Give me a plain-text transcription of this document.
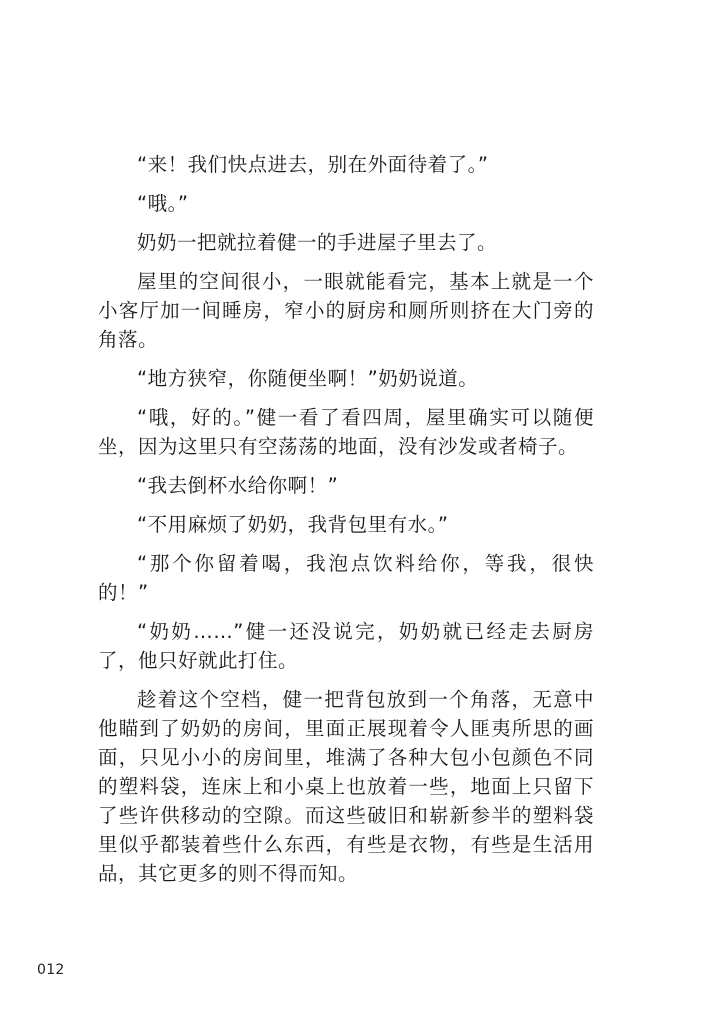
“来！我们快点进去，别在外面待着了。”

“哦。”

奶奶一把就拉着健一的手进屋子里去了。

屋里的空间很小，一眼就能看完，基本上就是一个小客厅加一间睡房，窄小的厨房和厕所则挤在大门旁的角落。

“地方狭窄，你随便坐啊！”奶奶说道。

“哦，好的。”健一看了看四周，屋里确实可以随便坐，因为这里只有空荡荡的地面，没有沙发或者椅子。

“我去倒杯水给你啊！”

“不用麻烦了奶奶，我背包里有水。”

“那个你留着喝，我泡点饮料给你，等我，很快的！”

“奶奶……”健一还没说完，奶奶就已经走去厨房了，他只好就此打住。

趁着这个空档，健一把背包放到一个角落，无意中他瞄到了奶奶的房间，里面正展现着令人匪夷所思的画面，只见小小的房间里，堆满了各种大包小包颜色不同的塑料袋，连床上和小桌上也放着一些，地面上只留下了些许供移动的空隙。而这些破旧和崭新参半的塑料袋里似乎都装着些什么东西，有些是衣物，有些是生活用品，其它更多的则不得而知。

012
